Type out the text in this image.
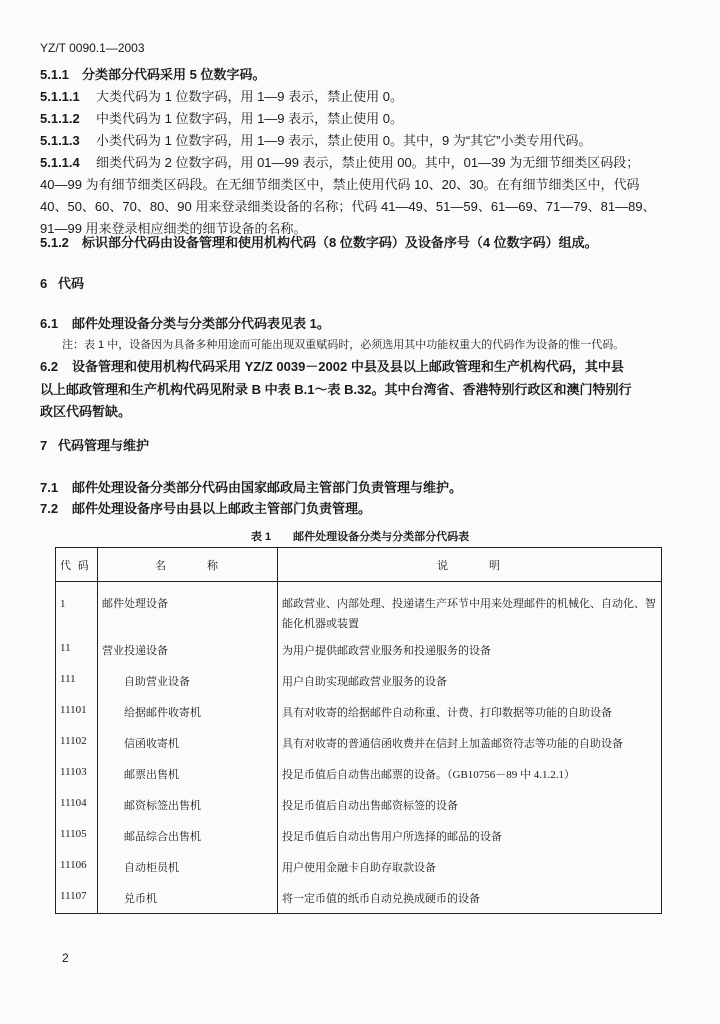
YZ/T 0090.1—2003
5.1.1 分类部分代码采用 5 位数字码。
5.1.1.1 大类代码为 1 位数字码，用 1—9 表示，禁止使用 0。
5.1.1.2 中类代码为 1 位数字码，用 1—9 表示，禁止使用 0。
5.1.1.3 小类代码为 1 位数字码，用 1—9 表示，禁止使用 0。其中，9 为“其它”小类专用代码。
5.1.1.4 细类代码为 2 位数字码，用 01—99 表示，禁止使用 00。其中，01—39 为无细节细类区码段；
40—99 为有细节细类区码段。在无细节细类区中，禁止使用代码 10、20、30。在有细节细类区中，代码
40、50、60、70、80、90 用来登录细类设备的名称；代码 41—49、51—59、61—69、71—79、81—89、
91—99 用来登录相应细类的细节设备的名称。
5.1.2 标识部分代码由设备管理和使用机构代码（8 位数字码）及设备序号（4 位数字码）组成。
6 代码
6.1 邮件处理设备分类与分类部分代码表见表 1。
注：表 1 中，设备因为具备多种用途而可能出现双重赋码时，必须选用其中功能权重大的代码作为设备的惟一代码。
6.2 设备管理和使用机构代码采用 YZ/Z 0039－2002 中县及县以上邮政管理和生产机构代码，其中县
以上邮政管理和生产机构代码见附录 B 中表 B.1～表 B.32。其中台湾省、香港特别行政区和澳门特别行
政区代码暂缺。
7 代码管理与维护
7.1 邮件处理设备分类部分代码由国家邮政局主管部门负责管理与维护。
7.2 邮件处理设备序号由县以上邮政主管部门负责管理。
表 1　　邮件处理设备分类与分类部分代码表
代 码	名　　　称	说　　　明
1	邮件处理设备	邮政营业、内部处理、投递诸生产环节中用来处理邮件的机械化、自动化、智能化机器或装置
11	营业投递设备	为用户提供邮政营业服务和投递服务的设备
111	自助营业设备	用户自助实现邮政营业服务的设备
11101	给据邮件收寄机	具有对收寄的给据邮件自动称重、计费、打印数据等功能的自助设备
11102	信函收寄机	具有对收寄的普通信函收费并在信封上加盖邮资符志等功能的自助设备
11103	邮票出售机	投足币值后自动售出邮票的设备。（GB10756－89 中 4.1.2.1）
11104	邮资标签出售机	投足币值后自动出售邮资标签的设备
11105	邮品综合出售机	投足币值后自动出售用户所选择的邮品的设备
11106	自动柜员机	用户使用金融卡自助存取款设备
11107	兑币机	将一定币值的纸币自动兑换成硬币的设备
2
